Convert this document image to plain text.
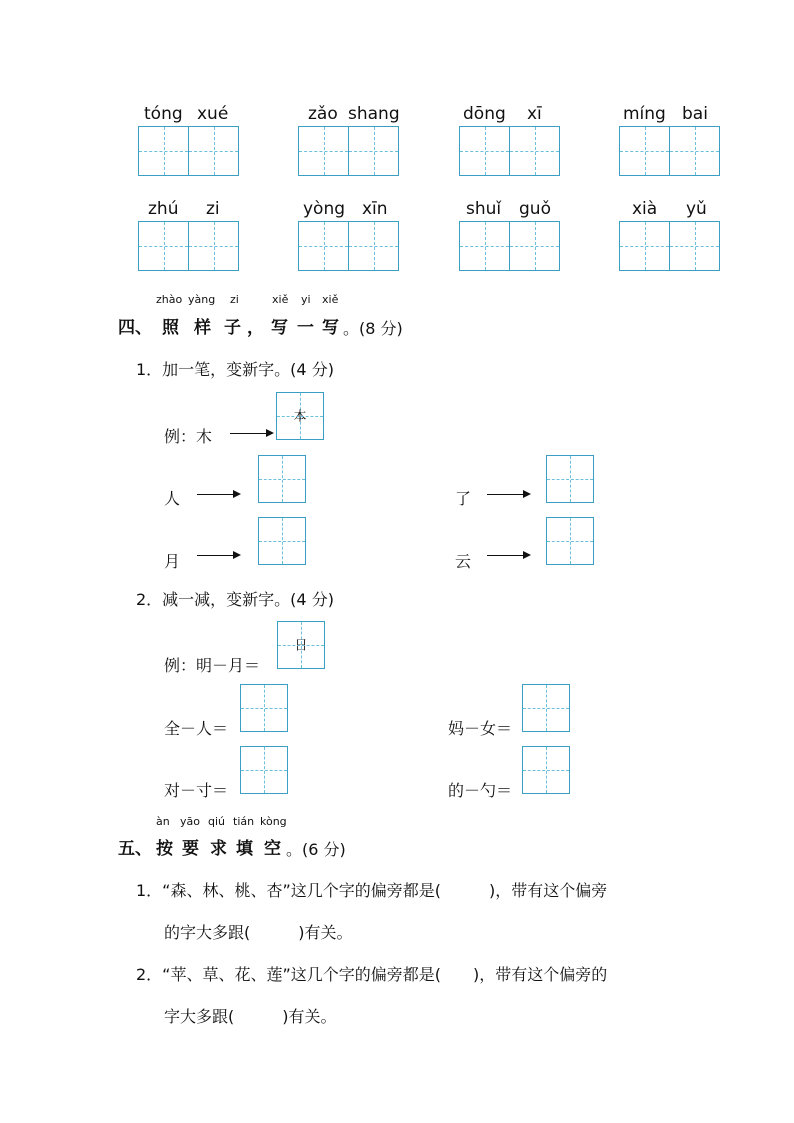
tóng xué	zǎo shang	dōng xī	míng bai
zhú zi	yòng xīn	shuǐ guǒ	xià yǔ
zhào yàng zi	xiě yi xiě
四、 照 样 子 ， 写 一 写 。(8 分)
1．加一笔，变新字。(4 分)
例：木
本
人	了
月	云
2．减一减，变新字。(4 分)
例：明－月＝
日
全－人＝	妈－女＝
对－寸＝	的－勺＝
àn yāo qiú tián kòng
五、 按 要 求 填 空 。(6 分)
1．“森、林、桃、杏”这几个字的偏旁都是(　　　)，带有这个偏旁
的字大多跟(　　　)有关。
2．“苹、草、花、莲”这几个字的偏旁都是(　　)，带有这个偏旁的
字大多跟(　　　)有关。
